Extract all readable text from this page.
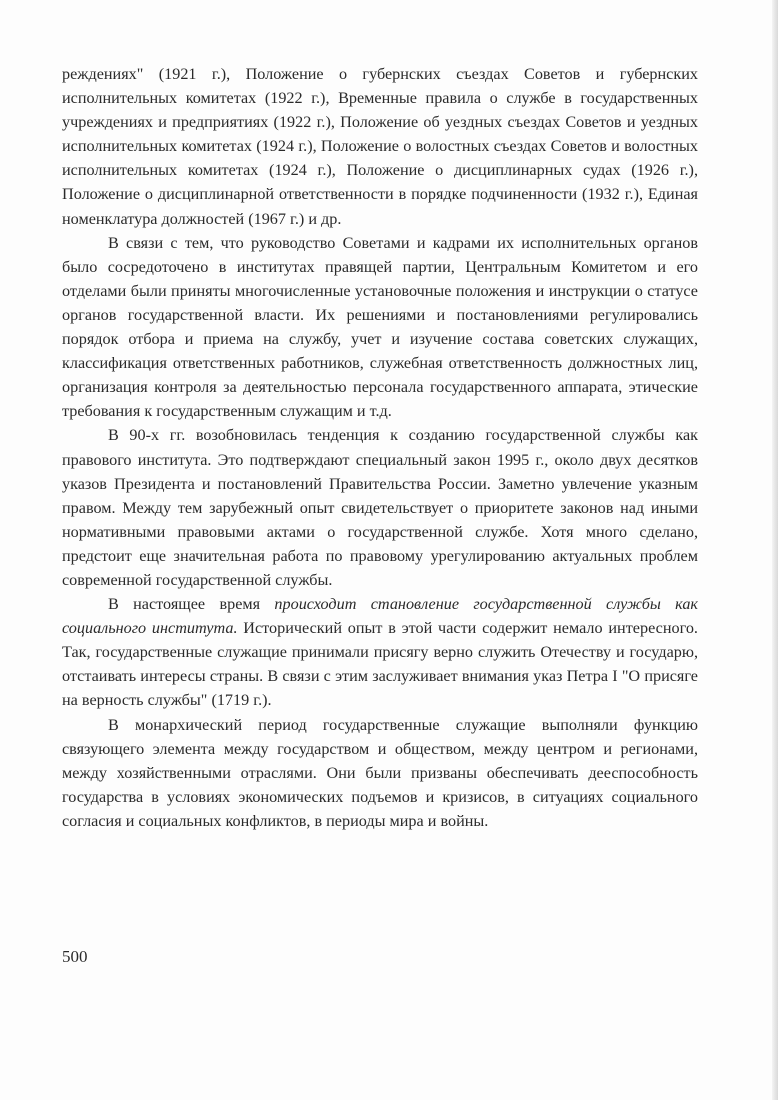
реждениях" (1921 г.), Положение о губернских съездах Советов и губернских исполнительных комитетах (1922 г.), Временные правила о службе в государственных учреждениях и предприятиях (1922 г.), Положение об уездных съездах Советов и уездных исполнительных комитетах (1924 г.), Положение о волостных съездах Советов и волостных исполнительных комитетах (1924 г.), Положение о дисциплинарных судах (1926 г.), Положение о дисциплинарной ответственности в порядке подчиненности (1932 г.), Единая номенклатура должностей (1967 г.) и др.

В связи с тем, что руководство Советами и кадрами их исполнительных органов было сосредоточено в институтах правящей партии, Центральным Комитетом и его отделами были приняты многочисленные установочные положения и инструкции о статусе органов государственной власти. Их решениями и постановлениями регулировались порядок отбора и приема на службу, учет и изучение состава советских служащих, классификация ответственных работников, служебная ответственность должностных лиц, организация контроля за деятельностью персонала государственного аппарата, этические требования к государственным служащим и т.д.

В 90-х гг. возобновилась тенденция к созданию государственной службы как правового института. Это подтверждают специальный закон 1995 г., около двух десятков указов Президента и постановлений Правительства России. Заметно увлечение указным правом. Между тем зарубежный опыт свидетельствует о приоритете законов над иными нормативными правовыми актами о государственной службе. Хотя много сделано, предстоит еще значительная работа по правовому урегулированию актуальных проблем современной государственной службы.

В настоящее время происходит становление государственной службы как социального института. Исторический опыт в этой части содержит немало интересного. Так, государственные служащие принимали присягу верно служить Отечеству и государю, отстаивать интересы страны. В связи с этим заслуживает внимания указ Петра I "О присяге на верность службы" (1719 г.).

В монархический период государственные служащие выполняли функцию связующего элемента между государством и обществом, между центром и регионами, между хозяйственными отраслями. Они были призваны обеспечивать дееспособность государства в условиях экономических подъемов и кризисов, в ситуациях социального согласия и социальных конфликтов, в периоды мира и войны.

500
